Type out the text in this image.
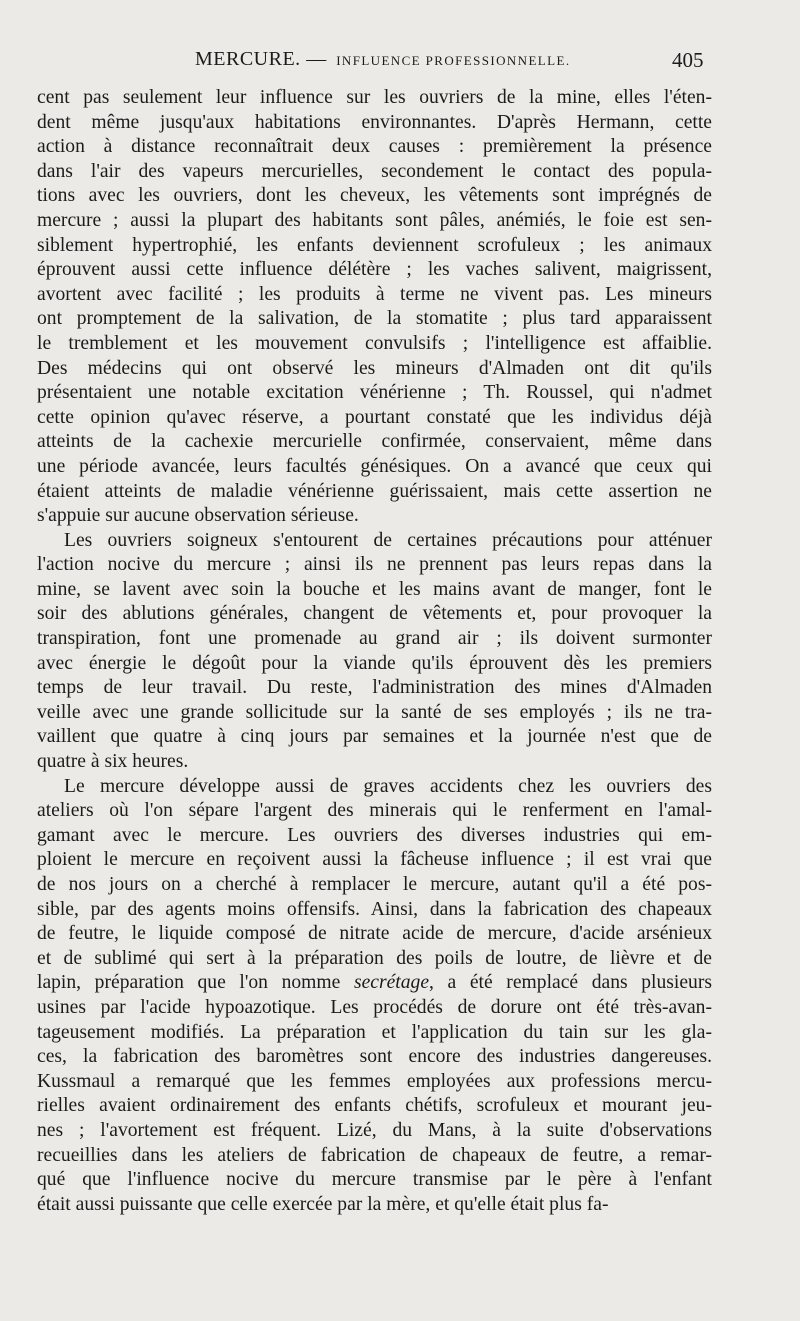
MERCURE. — INFLUENCE PROFESSIONNELLE.	405

cent pas seulement leur influence sur les ouvriers de la mine, elles l'éten-
dent même jusqu'aux habitations environnantes. D'après Hermann, cette
action à distance reconnaîtrait deux causes : premièrement la présence
dans l'air des vapeurs mercurielles, secondement le contact des popula-
tions avec les ouvriers, dont les cheveux, les vêtements sont imprégnés de
mercure ; aussi la plupart des habitants sont pâles, anémiés, le foie est sen-
siblement hypertrophié, les enfants deviennent scrofuleux ; les animaux
éprouvent aussi cette influence délétère ; les vaches salivent, maigrissent,
avortent avec facilité ; les produits à terme ne vivent pas. Les mineurs
ont promptement de la salivation, de la stomatite ; plus tard apparaissent
le tremblement et les mouvement convulsifs ; l'intelligence est affaiblie.
Des médecins qui ont observé les mineurs d'Almaden ont dit qu'ils
présentaient une notable excitation vénérienne ; Th. Roussel, qui n'admet
cette opinion qu'avec réserve, a pourtant constaté que les individus déjà
atteints de la cachexie mercurielle confirmée, conservaient, même dans
une période avancée, leurs facultés génésiques. On a avancé que ceux qui
étaient atteints de maladie vénérienne guérissaient, mais cette assertion ne
s'appuie sur aucune observation sérieuse.

Les ouvriers soigneux s'entourent de certaines précautions pour atténuer
l'action nocive du mercure ; ainsi ils ne prennent pas leurs repas dans la
mine, se lavent avec soin la bouche et les mains avant de manger, font le
soir des ablutions générales, changent de vêtements et, pour provoquer la
transpiration, font une promenade au grand air ; ils doivent surmonter
avec énergie le dégoût pour la viande qu'ils éprouvent dès les premiers
temps de leur travail. Du reste, l'administration des mines d'Almaden
veille avec une grande sollicitude sur la santé de ses employés ; ils ne tra-
vaillent que quatre à cinq jours par semaines et la journée n'est que de
quatre à six heures.

Le mercure développe aussi de graves accidents chez les ouvriers des
ateliers où l'on sépare l'argent des minerais qui le renferment en l'amal-
gamant avec le mercure. Les ouvriers des diverses industries qui em-
ploient le mercure en reçoivent aussi la fâcheuse influence ; il est vrai que
de nos jours on a cherché à remplacer le mercure, autant qu'il a été pos-
sible, par des agents moins offensifs. Ainsi, dans la fabrication des chapeaux
de feutre, le liquide composé de nitrate acide de mercure, d'acide arsénieux
et de sublimé qui sert à la préparation des poils de loutre, de lièvre et de
lapin, préparation que l'on nomme secrétage, a été remplacé dans plusieurs
usines par l'acide hypoazotique. Les procédés de dorure ont été très-avan-
tageusement modifiés. La préparation et l'application du tain sur les gla-
ces, la fabrication des baromètres sont encore des industries dangereuses.
Kussmaul a remarqué que les femmes employées aux professions mercu-
rielles avaient ordinairement des enfants chétifs, scrofuleux et mourant jeu-
nes ; l'avortement est fréquent. Lizé, du Mans, à la suite d'observations
recueillies dans les ateliers de fabrication de chapeaux de feutre, a remar-
qué que l'influence nocive du mercure transmise par le père à l'enfant
était aussi puissante que celle exercée par la mère, et qu'elle était plus fa-
